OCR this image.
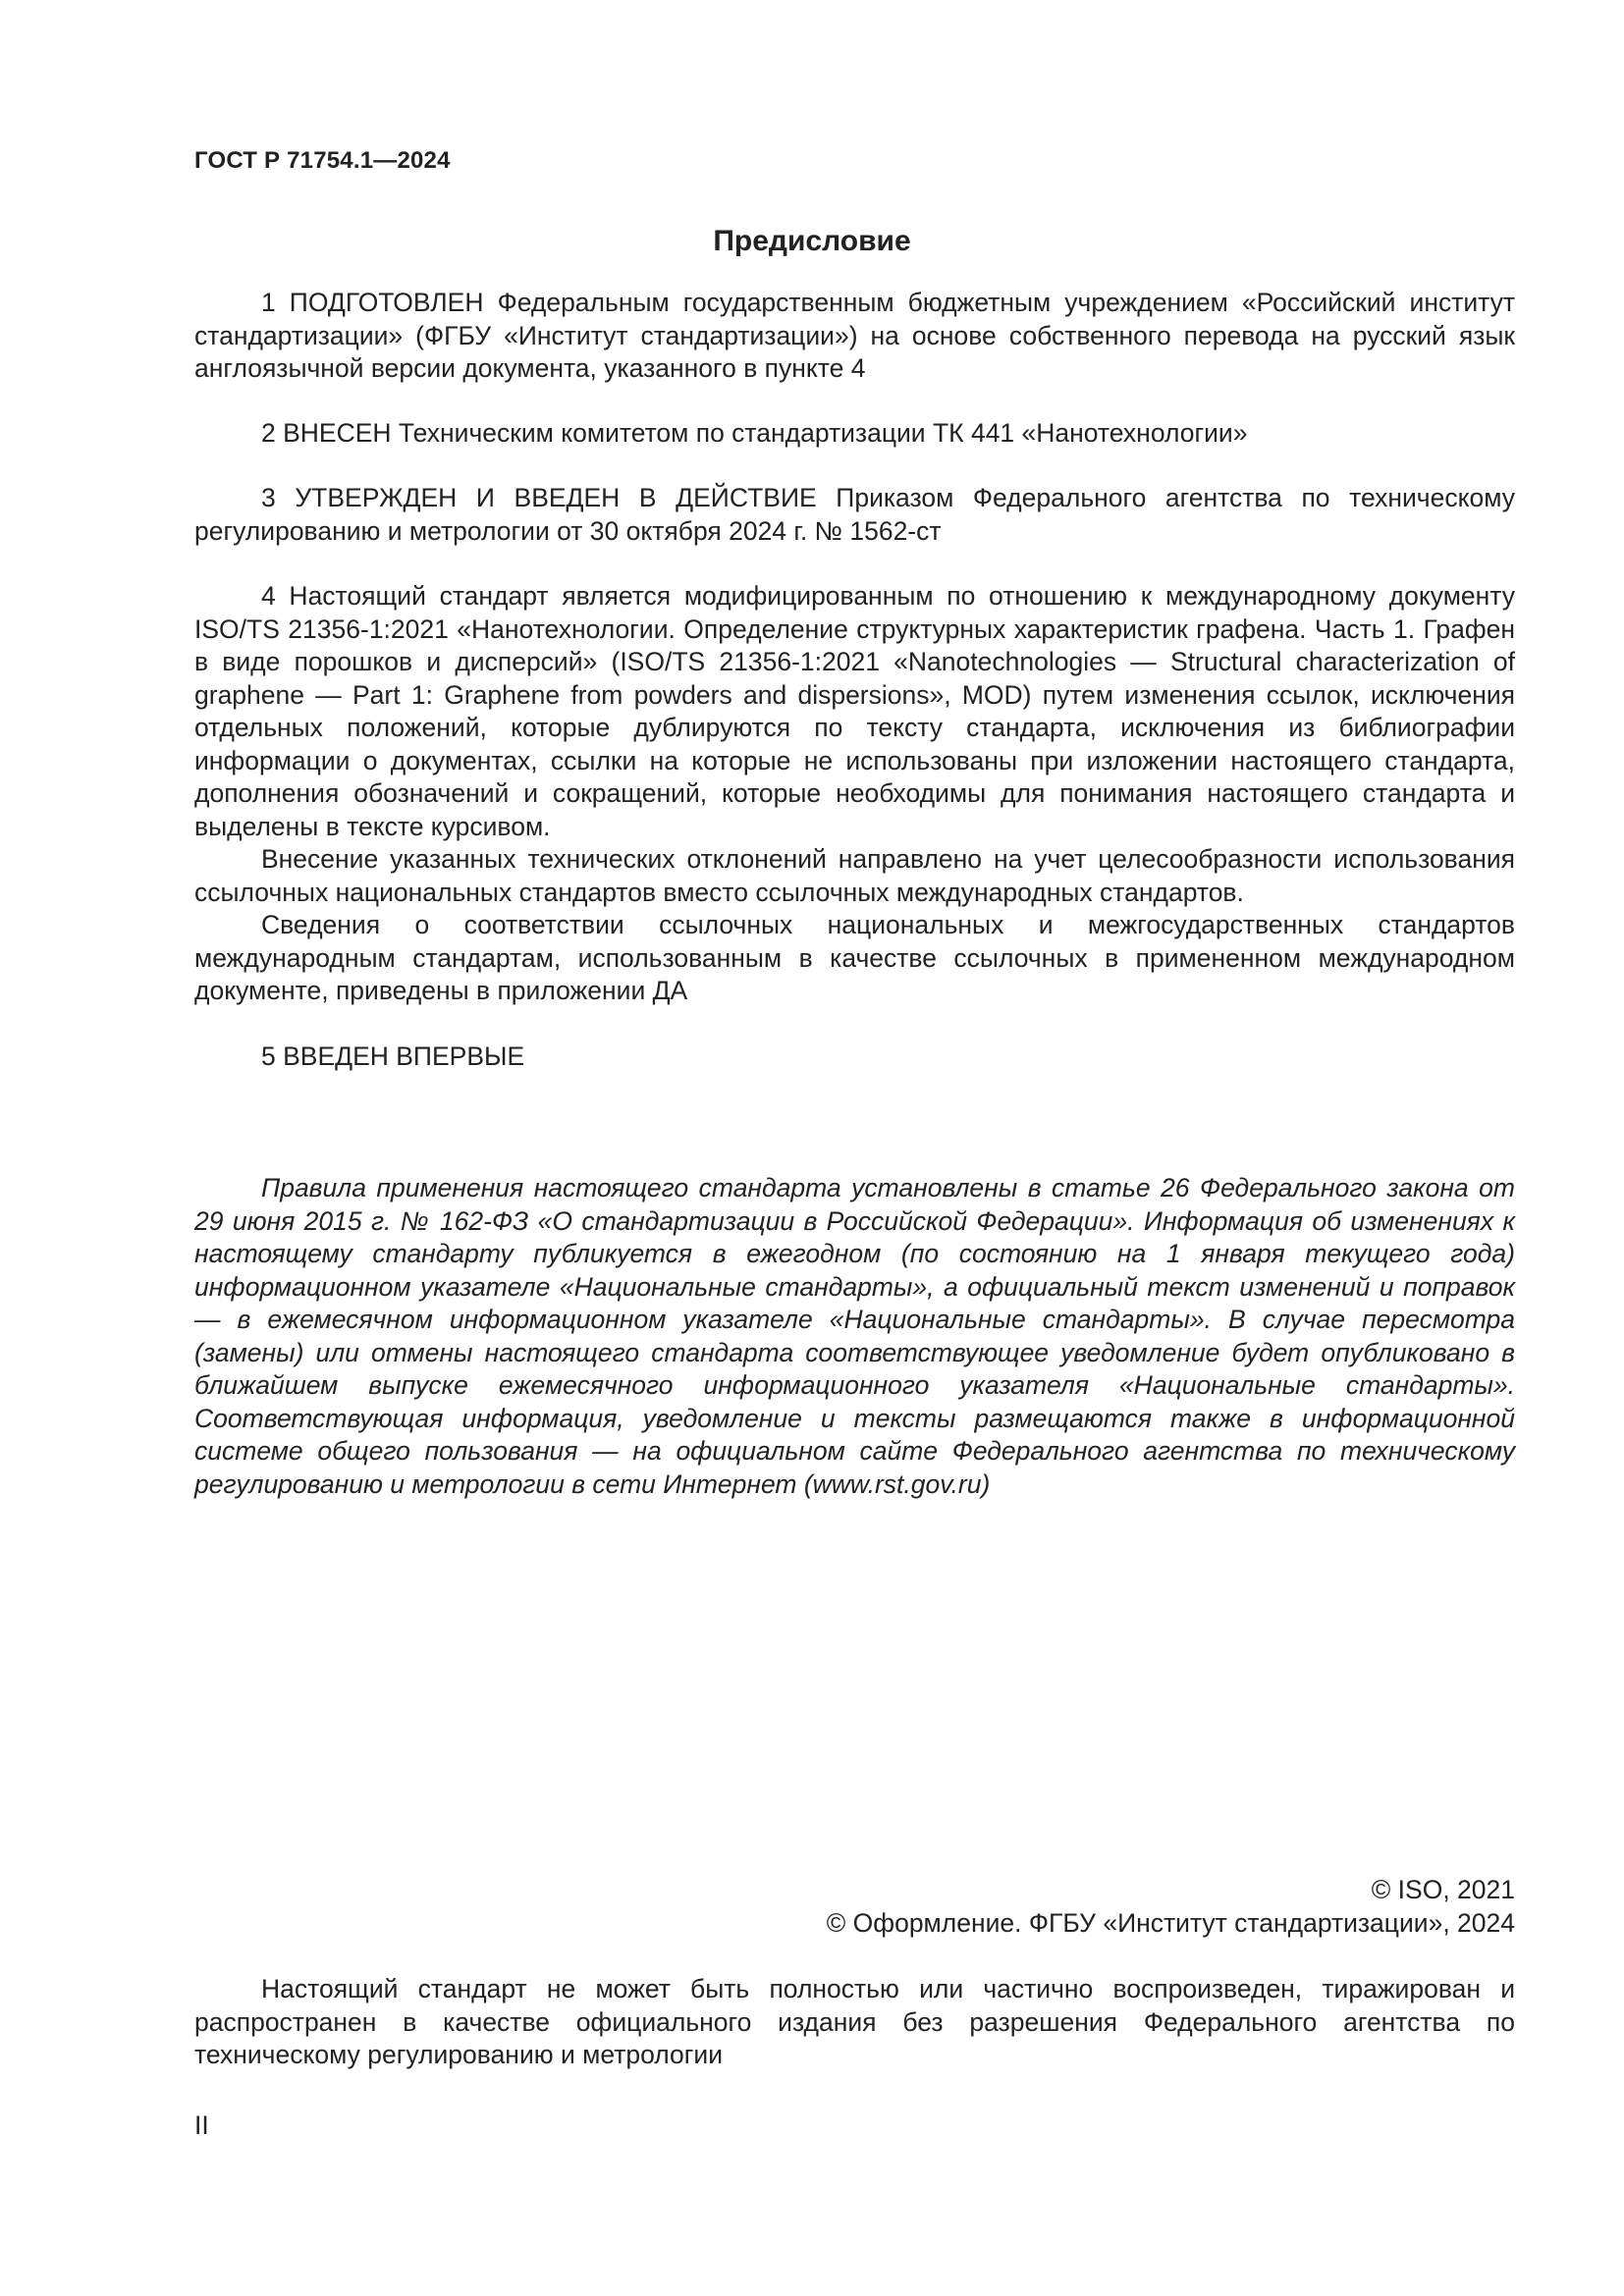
ГОСТ Р 71754.1—2024
Предисловие

1 ПОДГОТОВЛЕН Федеральным государственным бюджетным учреждением «Российский институт стандартизации» (ФГБУ «Институт стандартизации») на основе собственного перевода на русский язык англоязычной версии документа, указанного в пункте 4

2 ВНЕСЕН Техническим комитетом по стандартизации ТК 441 «Нанотехнологии»

3 УТВЕРЖДЕН И ВВЕДЕН В ДЕЙСТВИЕ Приказом Федерального агентства по техническому регулированию и метрологии от 30 октября 2024 г. № 1562-ст

4 Настоящий стандарт является модифицированным по отношению к международному документу ISO/TS 21356-1:2021 «Нанотехнологии. Определение структурных характеристик графена. Часть 1. Графен в виде порошков и дисперсий» (ISO/TS 21356-1:2021 «Nanotechnologies — Structural characterization of graphene — Part 1: Graphene from powders and dispersions», MOD) путем изменения ссылок, исключения отдельных положений, которые дублируются по тексту стандарта, исключения из библиографии информации о документах, ссылки на которые не использованы при изложении настоящего стандарта, дополнения обозначений и сокращений, которые необходимы для понимания настоящего стандарта и выделены в тексте курсивом.

Внесение указанных технических отклонений направлено на учет целесообразности использования ссылочных национальных стандартов вместо ссылочных международных стандартов.

Сведения о соответствии ссылочных национальных и межгосударственных стандартов международным стандартам, использованным в качестве ссылочных в примененном международном документе, приведены в приложении ДА

5 ВВЕДЕН ВПЕРВЫЕ

Правила применения настоящего стандарта установлены в статье 26 Федерального закона от 29 июня 2015 г. № 162-ФЗ «О стандартизации в Российской Федерации». Информация об изменениях к настоящему стандарту публикуется в ежегодном (по состоянию на 1 января текущего года) информационном указателе «Национальные стандарты», а официальный текст изменений и поправок — в ежемесячном информационном указателе «Национальные стандарты». В случае пересмотра (замены) или отмены настоящего стандарта соответствующее уведомление будет опубликовано в ближайшем выпуске ежемесячного информационного указателя «Национальные стандарты». Соответствующая информация, уведомление и тексты размещаются также в информационной системе общего пользования — на официальном сайте Федерального агентства по техническому регулированию и метрологии в сети Интернет (www.rst.gov.ru)

© ISO, 2021
© Оформление. ФГБУ «Институт стандартизации», 2024

Настоящий стандарт не может быть полностью или частично воспроизведен, тиражирован и распространен в качестве официального издания без разрешения Федерального агентства по техническому регулированию и метрологии

II
